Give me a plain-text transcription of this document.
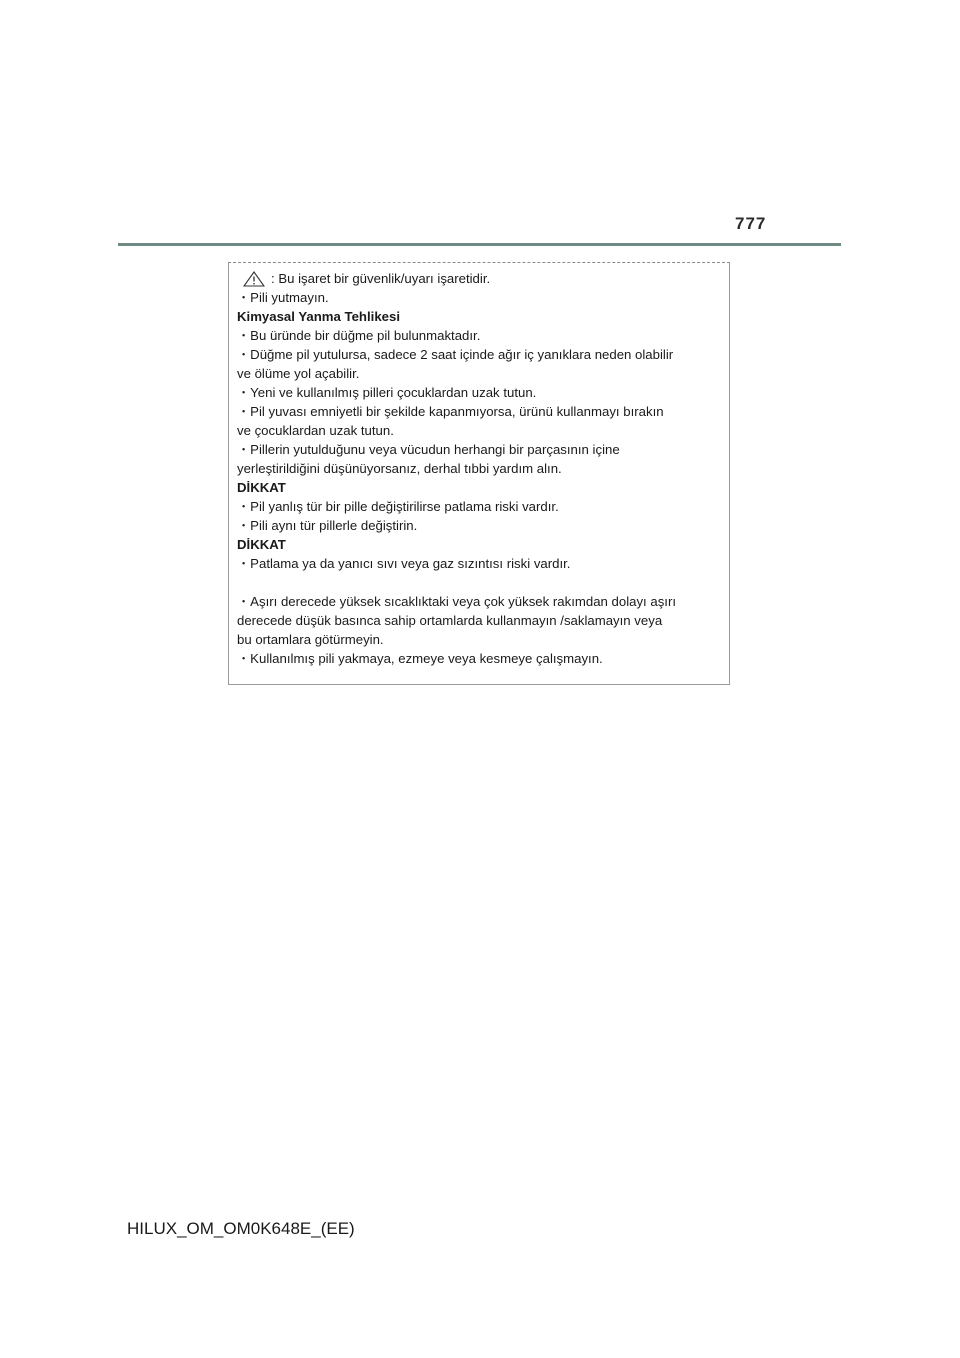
777
: Bu işaret bir güvenlik/uyarı işaretidir.
・Pili yutmayın.
Kimyasal Yanma Tehlikesi
・Bu üründe bir düğme pil bulunmaktadır.
・Düğme pil yutulursa, sadece 2 saat içinde ağır iç yanıklara neden olabilir
ve ölüme yol açabilir.
・Yeni ve kullanılmış pilleri çocuklardan uzak tutun.
・Pil yuvası emniyetli bir şekilde kapanmıyorsa, ürünü kullanmayı bırakın
ve çocuklardan uzak tutun.
・Pillerin yutulduğunu veya vücudun herhangi bir parçasının içine
yerleştirildiğini düşünüyorsanız, derhal tıbbi yardım alın.
DİKKAT
・Pil yanlış tür bir pille değiştirilirse patlama riski vardır.
・Pili aynı tür pillerle değiştirin.
DİKKAT
・Patlama ya da yanıcı sıvı veya gaz sızıntısı riski vardır.
・Aşırı derecede yüksek sıcaklıktaki veya çok yüksek rakımdan dolayı aşırı
derecede düşük basınca sahip ortamlarda kullanmayın /saklamayın veya
bu ortamlara götürmeyin.
・Kullanılmış pili yakmaya, ezmeye veya kesmeye çalışmayın.
HILUX_OM_OM0K648E_(EE)
